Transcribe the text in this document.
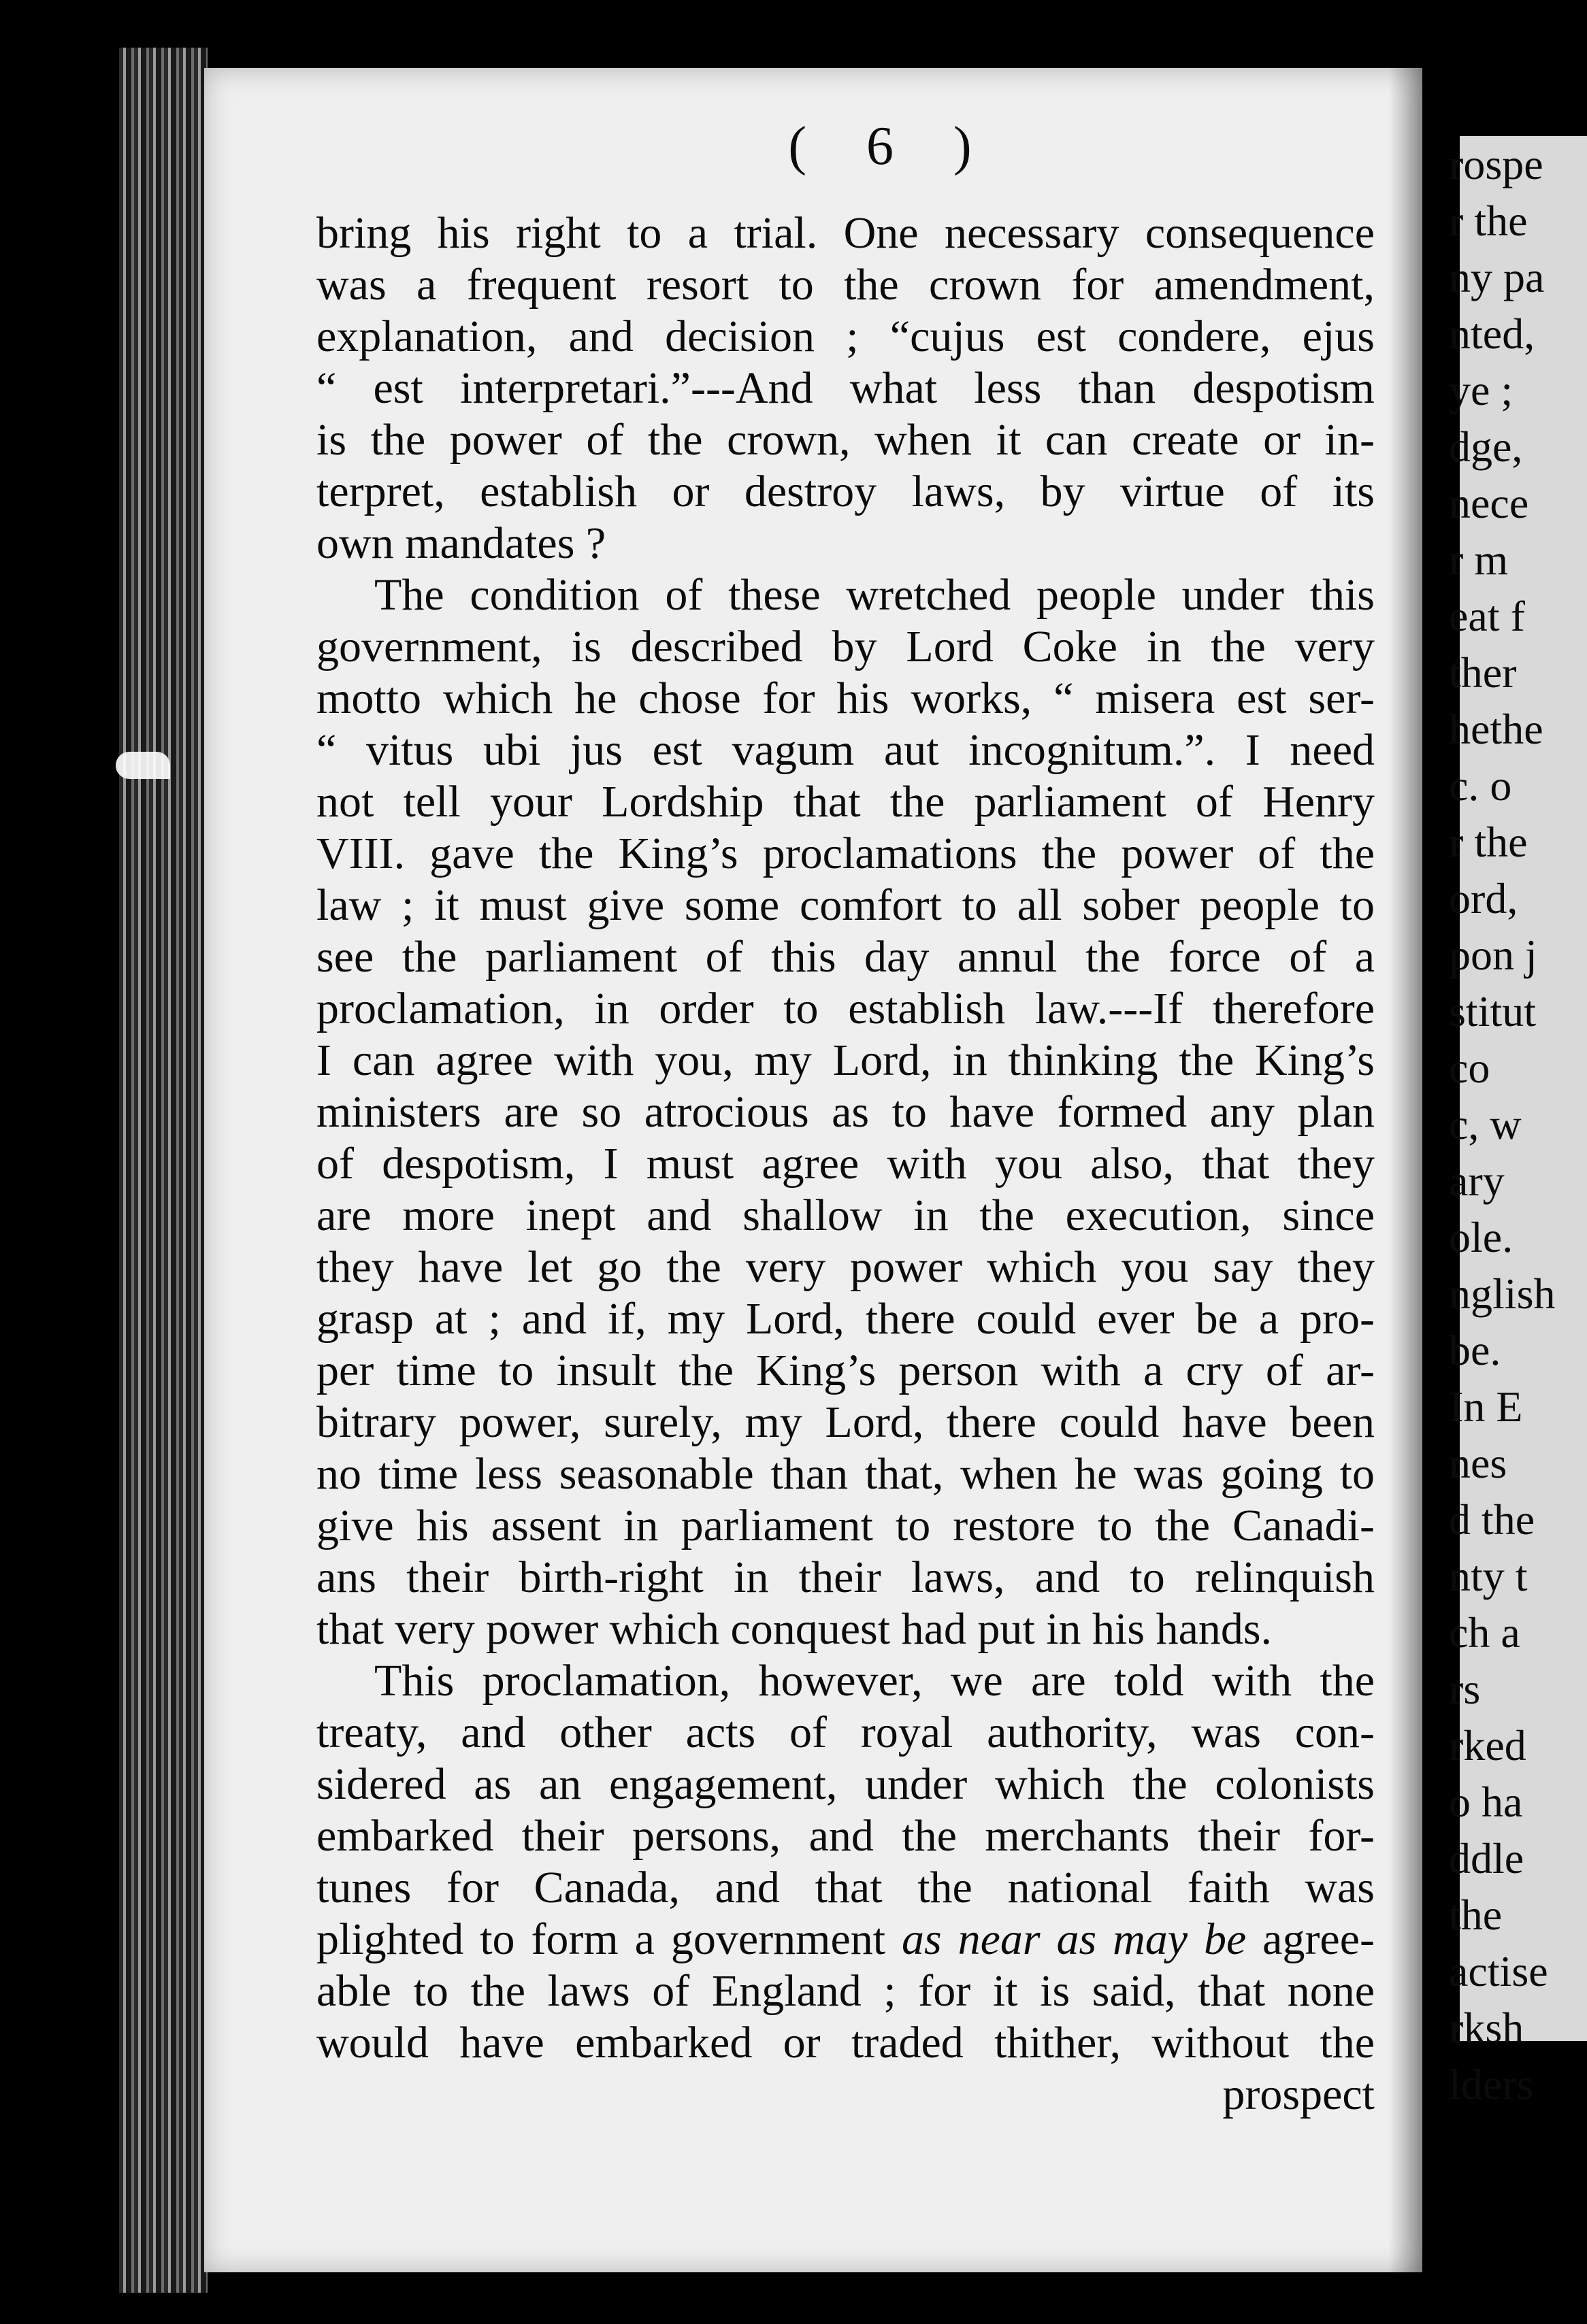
( 6 )
bring his right to a trial. One necessary consequence
was a frequent resort to the crown for amendment,
explanation, and decision ; “cujus est condere, ejus
“ est interpretari.”---And what less than despotism
is the power of the crown, when it can create or in-
terpret, establish or destroy laws, by virtue of its
own mandates ?
The condition of these wretched people under this
government, is described by Lord Coke in the very
motto which he chose for his works, “ misera est ser-
“ vitus ubi jus est vagum aut incognitum.”. I need
not tell your Lordship that the parliament of Henry
VIII. gave the King’s proclamations the power of the
law ; it must give some comfort to all sober people to
see the parliament of this day annul the force of a
proclamation, in order to establish law.---If therefore
I can agree with you, my Lord, in thinking the King’s
ministers are so atrocious as to have formed any plan
of despotism, I must agree with you also, that they
are more inept and shallow in the execution, since
they have let go the very power which you say they
grasp at ; and if, my Lord, there could ever be a pro-
per time to insult the King’s person with a cry of ar-
bitrary power, surely, my Lord, there could have been
no time less seasonable than that, when he was going to
give his assent in parliament to restore to the Canadi-
ans their birth-right in their laws, and to relinquish
that very power which conquest had put in his hands.
This proclamation, however, we are told with the
treaty, and other acts of royal authority, was con-
sidered as an engagement, under which the colonists
embarked their persons, and the merchants their for-
tunes for Canada, and that the national faith was
plighted to form a government as near as may be agree-
able to the laws of England ; for it is said, that none
would have embarked or traded thither, without the
prospect
rospe
r the
ny pa
nted,
ye ;
dge,
nece
r m
eat f
ther
hethe
c. o
r the
ord,
pon j
stitut
co
c, w
ary
ole.
nglish
be.
In E
nes
d the
nty t
ch a
rs
rked
o ha
ddle
the
actise
rksh
lders
